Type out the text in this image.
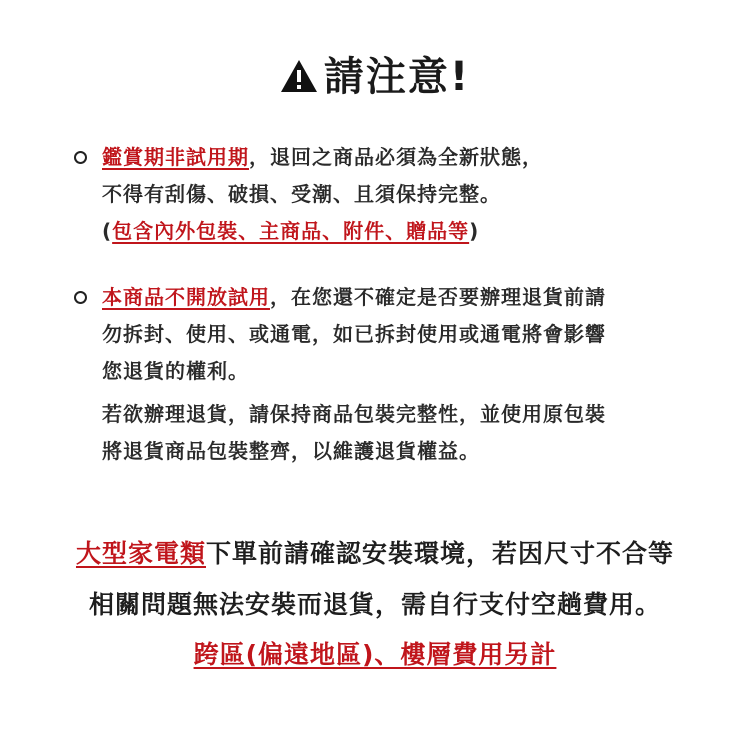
請注意!
鑑賞期非試用期，退回之商品必須為全新狀態，
不得有刮傷、破損、受潮、且須保持完整。
(包含內外包裝、主商品、附件、贈品等)
本商品不開放試用，在您還不確定是否要辦理退貨前請
勿拆封、使用、或通電，如已拆封使用或通電將會影響
您退貨的權利。
若欲辦理退貨，請保持商品包裝完整性，並使用原包裝
將退貨商品包裝整齊，以維護退貨權益。
大型家電類下單前請確認安裝環境，若因尺寸不合等
相關問題無法安裝而退貨，需自行支付空趟費用。
跨區(偏遠地區)、樓層費用另計
